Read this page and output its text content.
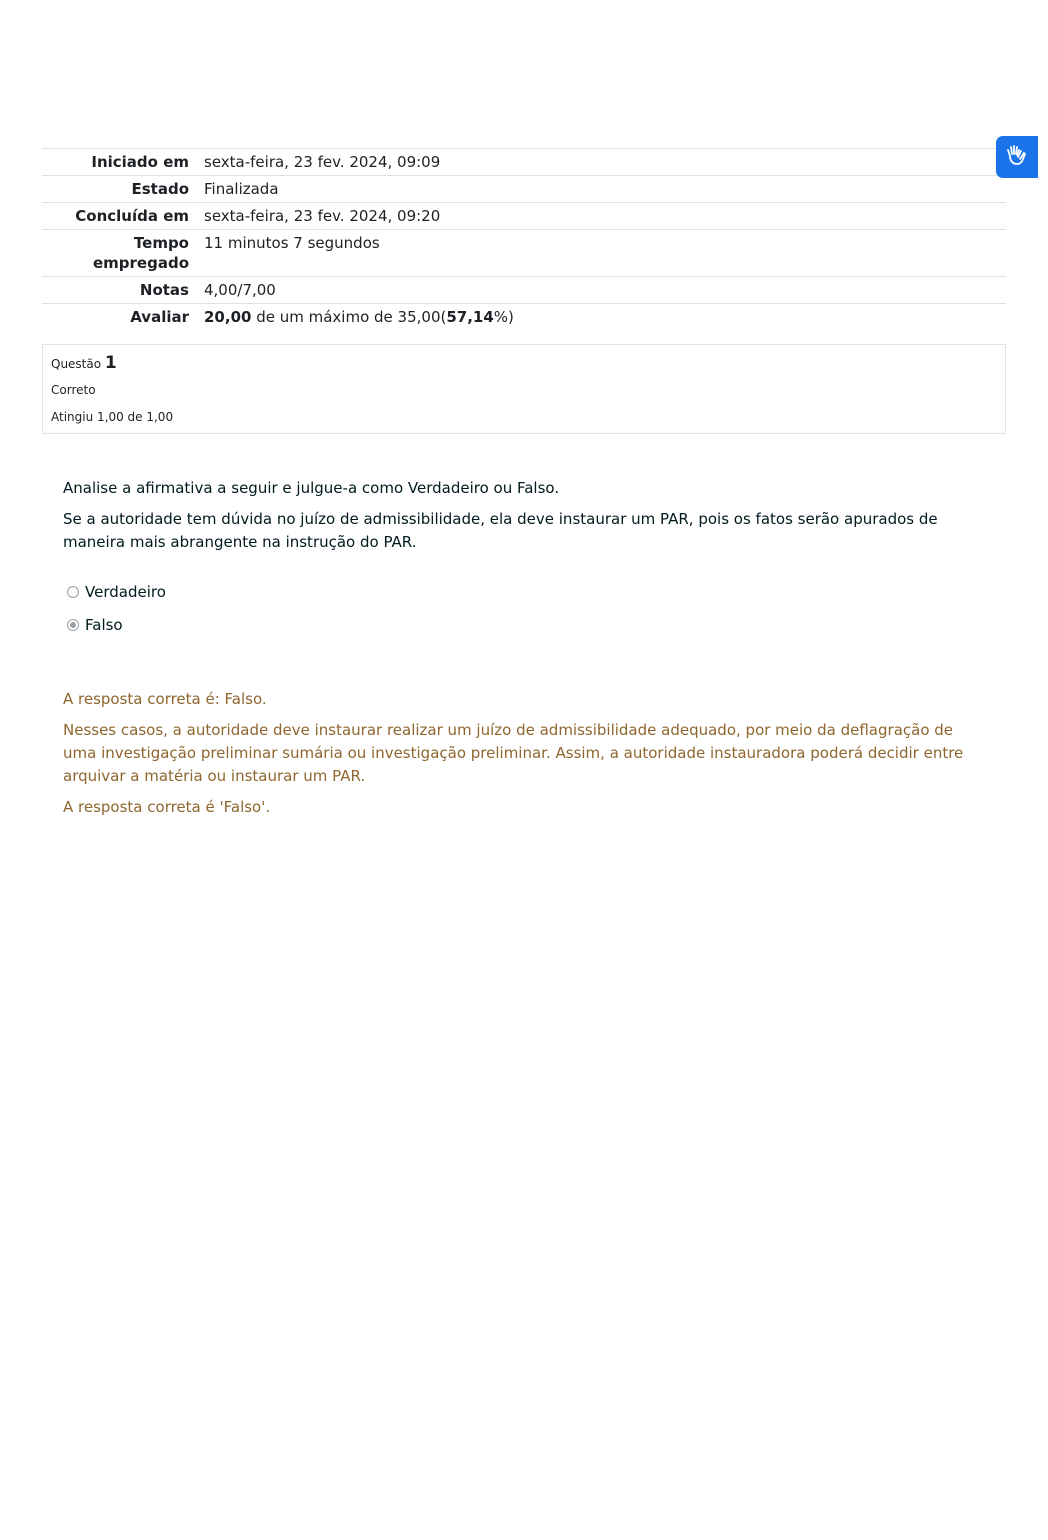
Iniciado em	sexta-feira, 23 fev. 2024, 09:09
Estado	Finalizada
Concluída em	sexta-feira, 23 fev. 2024, 09:20
Tempo empregado	11 minutos 7 segundos
Notas	4,00/7,00
Avaliar	20,00 de um máximo de 35,00(57,14%)
Questão 1
Correto
Atingiu 1,00 de 1,00

Analise a afirmativa a seguir e julgue-a como Verdadeiro ou Falso.

Se a autoridade tem dúvida no juízo de admissibilidade, ela deve instaurar um PAR, pois os fatos serão apurados de maneira mais abrangente na instrução do PAR.

Verdadeiro
Falso

A resposta correta é: Falso.

Nesses casos, a autoridade deve instaurar realizar um juízo de admissibilidade adequado, por meio da deflagração de uma investigação preliminar sumária ou investigação preliminar. Assim, a autoridade instauradora poderá decidir entre arquivar a matéria ou instaurar um PAR.

A resposta correta é 'Falso'.
